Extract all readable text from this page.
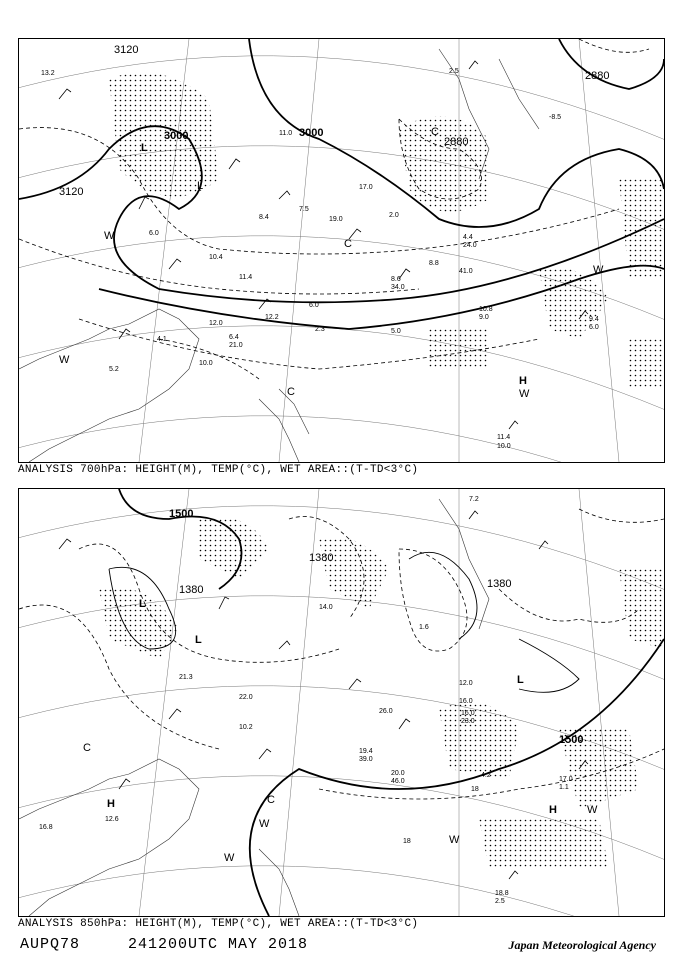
3000	3000
3120
3120
2880
2880
L
L
C
C
W
W
W
H
W
C
13.2
6.0
10.4
11.4
4.1
5.2
12.0
10.8
9.4
6.0
11.4
10.0
9.0
2.5
6.0
7.5
8.4
17.0
11.0
2.0
8.8
41.0
4.4
24.0
6.4
21.0
10.0
19.0
8.6
34.0
5.0
-8.5
12.2
2.3
ANALYSIS 700hPa: HEIGHT(M), TEMP(°C), WET AREA::(T-TD<3°C)
1500
1500
1380
1380
1380
L
L
L
H	H
C
C
W
W
W
W
18
18
20.0
46.0
19.4
39.0
16.0
23.0
17.0
1.1
18.8
2.5
12.0
12.6
4.2
16.8
7.2
14.0
26.0
10.2
22.0
1.6
16.0
21.3
ANALYSIS 850hPa: HEIGHT(M), TEMP(°C), WET AREA::(T-TD<3°C)
AUPQ78	241200UTC MAY 2018	Japan Meteorological Agency
